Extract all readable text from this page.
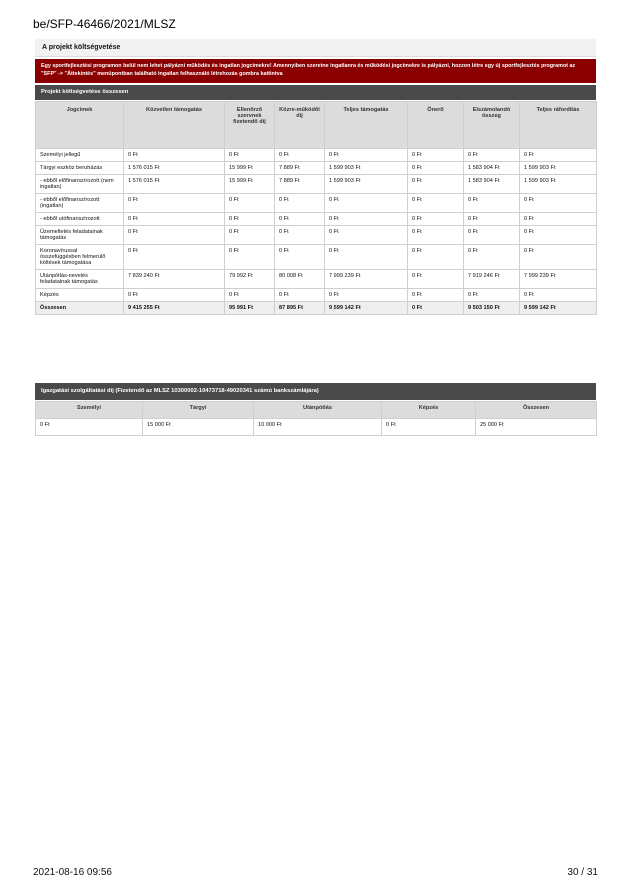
be/SFP-46466/2021/MLSZ
A projekt költségvetése
Egy sportfejlesztési programon belül nem lehet pályázni működés és ingatlan jogcímekre! Amennyiben szeretne ingatlanra és működési jogcímekre is pályázni, hozzon létre egy új sportfejlesztés programot az "SFP" -> "Áttekintés" menüpontban található ingatlan felhasználó létrehozás gombra kattintva
Projekt költségvetése összesen
Jogcímek	Közvetlen támogatás	Ellenőrző szervnek fizetendő díj	Közre-működői díj	Teljes támogatás	Önerő	Elszámolandó összeg	Teljes ráfordítás
Személyi jellegű	0 Ft	0 Ft	0 Ft	0 Ft	0 Ft	0 Ft	0 Ft
Tárgyi eszköz beruházás	1 576 015 Ft	15 999 Ft	7 889 Ft	1 599 903 Ft	0 Ft	1 583 904 Ft	1 599 903 Ft
- ebből előfinanszírozott (nem ingatlan)	1 576 015 Ft	15 999 Ft	7 889 Ft	1 599 903 Ft	0 Ft	1 583 904 Ft	1 599 903 Ft
- ebből előfinanszírozott (ingatlan)	0 Ft	0 Ft	0 Ft	0 Ft	0 Ft	0 Ft	0 Ft
- ebből utófinanszírozott	0 Ft	0 Ft	0 Ft	0 Ft	0 Ft	0 Ft	0 Ft
Üzemeltetés feladatainak támogatás	0 Ft	0 Ft	0 Ft	0 Ft	0 Ft	0 Ft	0 Ft
Koronavírussal összefüggésben felmerülő költések támogatása	0 Ft	0 Ft	0 Ft	0 Ft	0 Ft	0 Ft	0 Ft
Utánpótlás-nevelés feladatainak támogatás	7 839 240 Ft	79 992 Ft	80 008 Ft	7 999 239 Ft	0 Ft	7 919 246 Ft	7 999 239 Ft
Képzés	0 Ft	0 Ft	0 Ft	0 Ft	0 Ft	0 Ft	0 Ft
Összesen	9 415 255 Ft	95 991 Ft	87 895 Ft	9 599 142 Ft	0 Ft	9 503 150 Ft	9 599 142 Ft
Igazgatási szolgáltatási díj (Fizetendő az MLSZ 10300002-10473718-49020341 számú bankszámlájára)
Személyi	Tárgyi	Utánpótlás	Képzés	Összesen
0 Ft	15 000 Ft	10 000 Ft	0 Ft	25 000 Ft
2021-08-16 09:56	30 / 31
